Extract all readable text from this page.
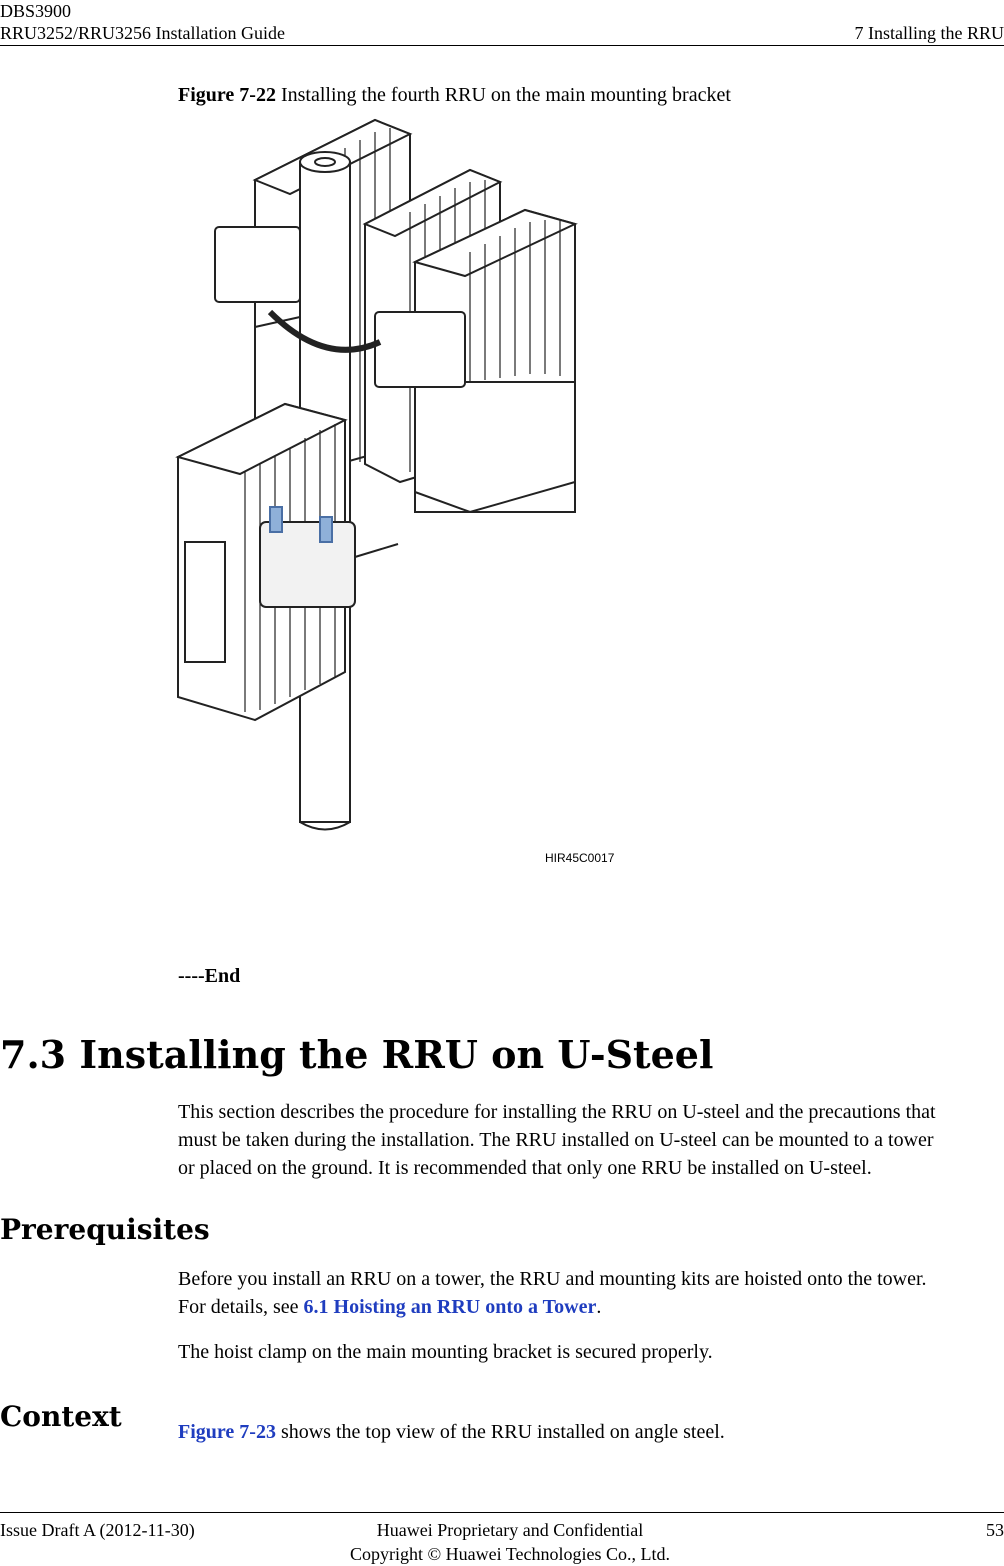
DBS3900
RRU3252/RRU3256 Installation Guide	7 Installing the RRU
Figure 7-22 Installing the fourth RRU on the main mounting bracket
HIR45C0017
----End
7.3 Installing the RRU on U-Steel
This section describes the procedure for installing the RRU on U-steel and the precautions that
must be taken during the installation. The RRU installed on U-steel can be mounted to a tower
or placed on the ground. It is recommended that only one RRU be installed on U-steel.
Prerequisites
Before you install an RRU on a tower, the RRU and mounting kits are hoisted onto the tower.
For details, see 6.1 Hoisting an RRU onto a Tower.
The hoist clamp on the main mounting bracket is secured properly.
Context	Figure 7-23 shows the top view of the RRU installed on angle steel.
Issue Draft A (2012-11-30)	Huawei Proprietary and Confidential
Copyright © Huawei Technologies Co., Ltd.
53
